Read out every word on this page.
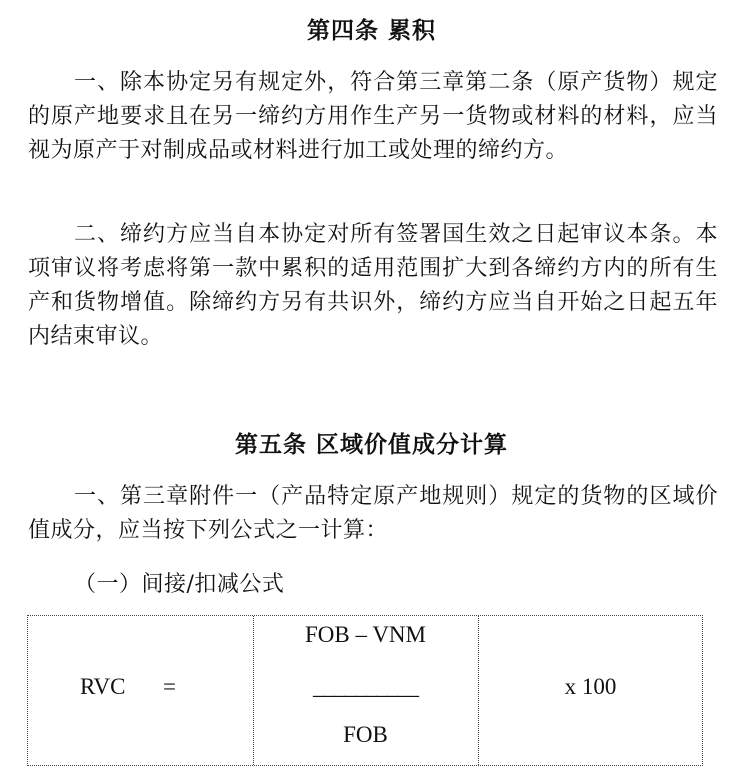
第四条 累积
一、除本协定另有规定外，符合第三章第二条（原产货物）规定的原产地要求且在另一缔约方用作生产另一货物或材料的材料，应当视为原产于对制成品或材料进行加工或处理的缔约方。
二、缔约方应当自本协定对所有签署国生效之日起审议本条。本项审议将考虑将第一款中累积的适用范围扩大到各缔约方内的所有生产和货物增值。除缔约方另有共识外，缔约方应当自开始之日起五年内结束审议。
第五条 区域价值成分计算
一、第三章附件一（产品特定原产地规则）规定的货物的区域价值成分，应当按下列公式之一计算：
（一）间接/扣减公式
RVC =
FOB – VNM
__________
FOB
x 100
